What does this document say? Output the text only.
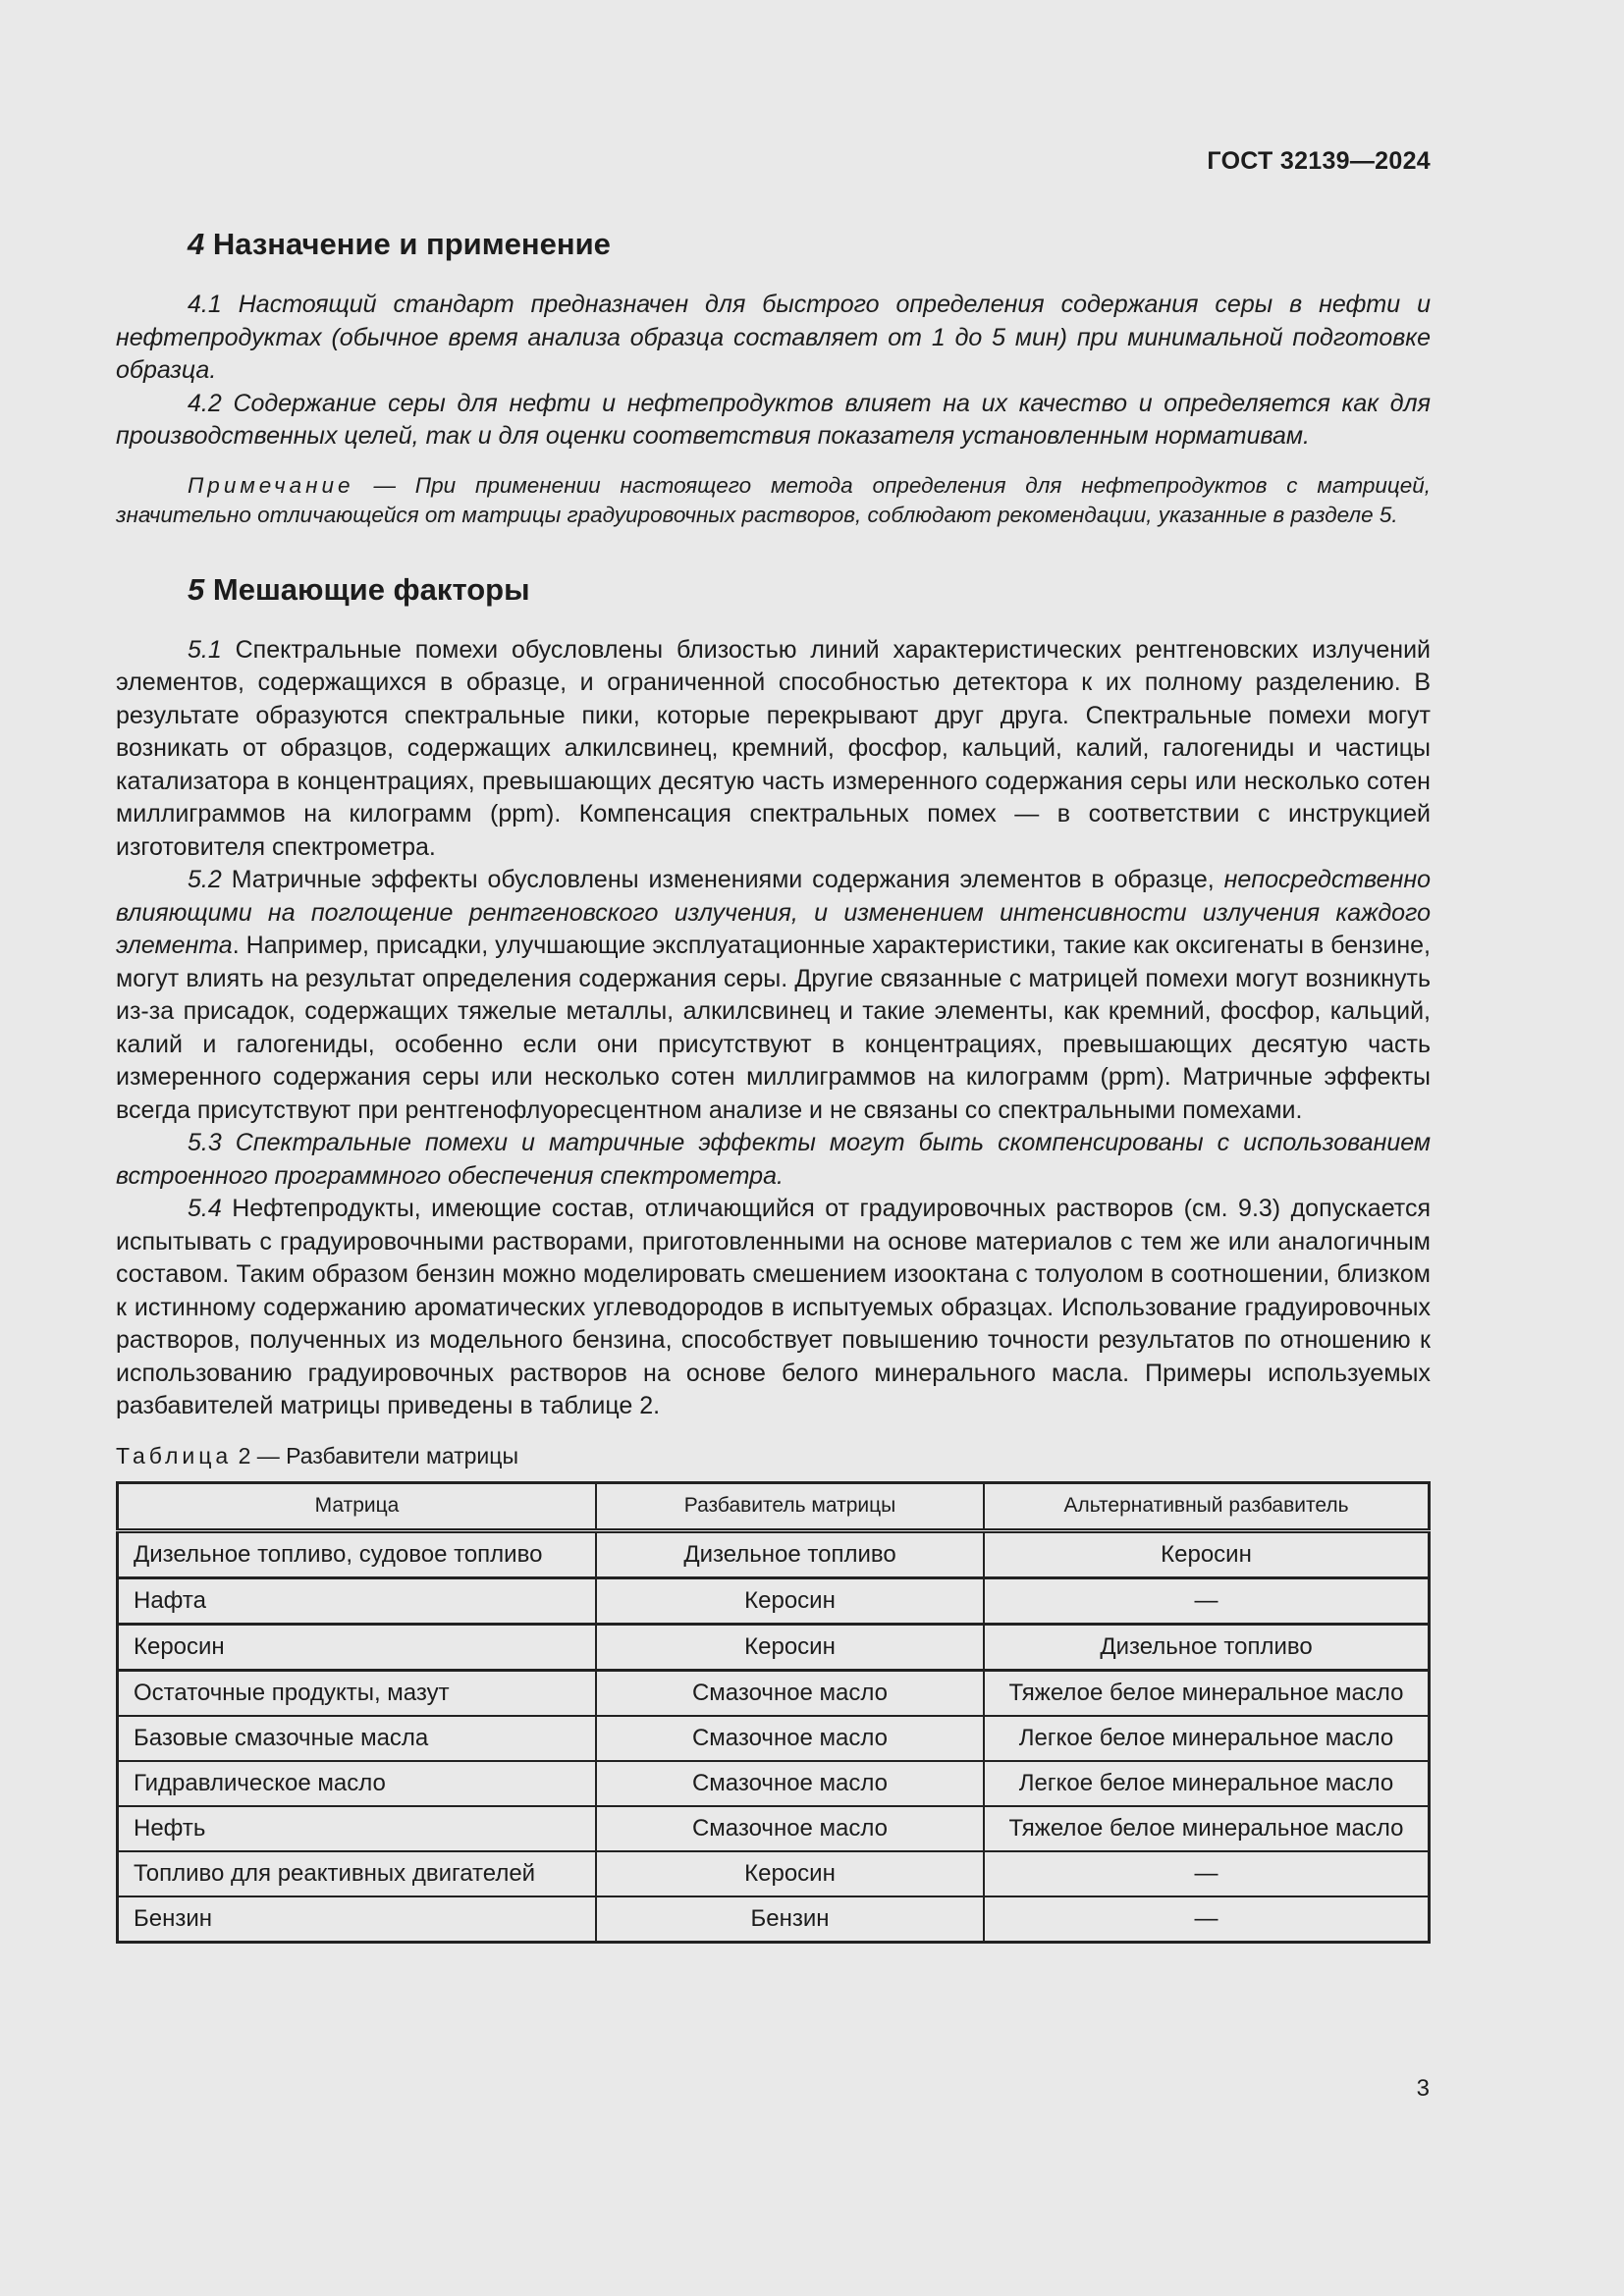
ГОСТ 32139—2024
4 Назначение и применение

4.1 Настоящий стандарт предназначен для быстрого определения содержания серы в нефти и нефтепродуктах (обычное время анализа образца составляет от 1 до 5 мин) при минимальной подготовке образца.

4.2 Содержание серы для нефти и нефтепродуктов влияет на их качество и определяется как для производственных целей, так и для оценки соответствия показателя установленным нормативам.

Примечание — При применении настоящего метода определения для нефтепродуктов с матрицей, значительно отличающейся от матрицы градуировочных растворов, соблюдают рекомендации, указанные в разделе 5.

5 Мешающие факторы

5.1 Спектральные помехи обусловлены близостью линий характеристических рентгеновских излучений элементов, содержащихся в образце, и ограниченной способностью детектора к их полному разделению. В результате образуются спектральные пики, которые перекрывают друг друга. Спектральные помехи могут возникать от образцов, содержащих алкилсвинец, кремний, фосфор, кальций, калий, галогениды и частицы катализатора в концентрациях, превышающих десятую часть измеренного содержания серы или несколько сотен миллиграммов на килограмм (ppm). Компенсация спектральных помех — в соответствии с инструкцией изготовителя спектрометра.

5.2 Матричные эффекты обусловлены изменениями содержания элементов в образце, непосредственно влияющими на поглощение рентгеновского излучения, и изменением интенсивности излучения каждого элемента. Например, присадки, улучшающие эксплуатационные характеристики, такие как оксигенаты в бензине, могут влиять на результат определения содержания серы. Другие связанные с матрицей помехи могут возникнуть из-за присадок, содержащих тяжелые металлы, алкилсвинец и такие элементы, как кремний, фосфор, кальций, калий и галогениды, особенно если они присутствуют в концентрациях, превышающих десятую часть измеренного содержания серы или несколько сотен миллиграммов на килограмм (ppm). Матричные эффекты всегда присутствуют при рентгенофлуоресцентном анализе и не связаны со спектральными помехами.

5.3 Спектральные помехи и матричные эффекты могут быть скомпенсированы с использованием встроенного программного обеспечения спектрометра.

5.4 Нефтепродукты, имеющие состав, отличающийся от градуировочных растворов (см. 9.3) допускается испытывать с градуировочными растворами, приготовленными на основе материалов с тем же или аналогичным составом. Таким образом бензин можно моделировать смешением изооктана с толуолом в соотношении, близком к истинному содержанию ароматических углеводородов в испытуемых образцах. Использование градуировочных растворов, полученных из модельного бензина, способствует повышению точности результатов по отношению к использованию градуировочных растворов на основе белого минерального масла. Примеры используемых разбавителей матрицы приведены в таблице 2.

Таблица 2 — Разбавители матрицы
Матрица	Разбавитель матрицы	Альтернативный разбавитель
Дизельное топливо, судовое топливо	Дизельное топливо	Керосин
Нафта	Керосин	—
Керосин	Керосин	Дизельное топливо
Остаточные продукты, мазут	Смазочное масло	Тяжелое белое минеральное масло
Базовые смазочные масла	Смазочное масло	Легкое белое минеральное масло
Гидравлическое масло	Смазочное масло	Легкое белое минеральное масло
Нефть	Смазочное масло	Тяжелое белое минеральное масло
Топливо для реактивных двигателей	Керосин	—
Бензин	Бензин	—
3
